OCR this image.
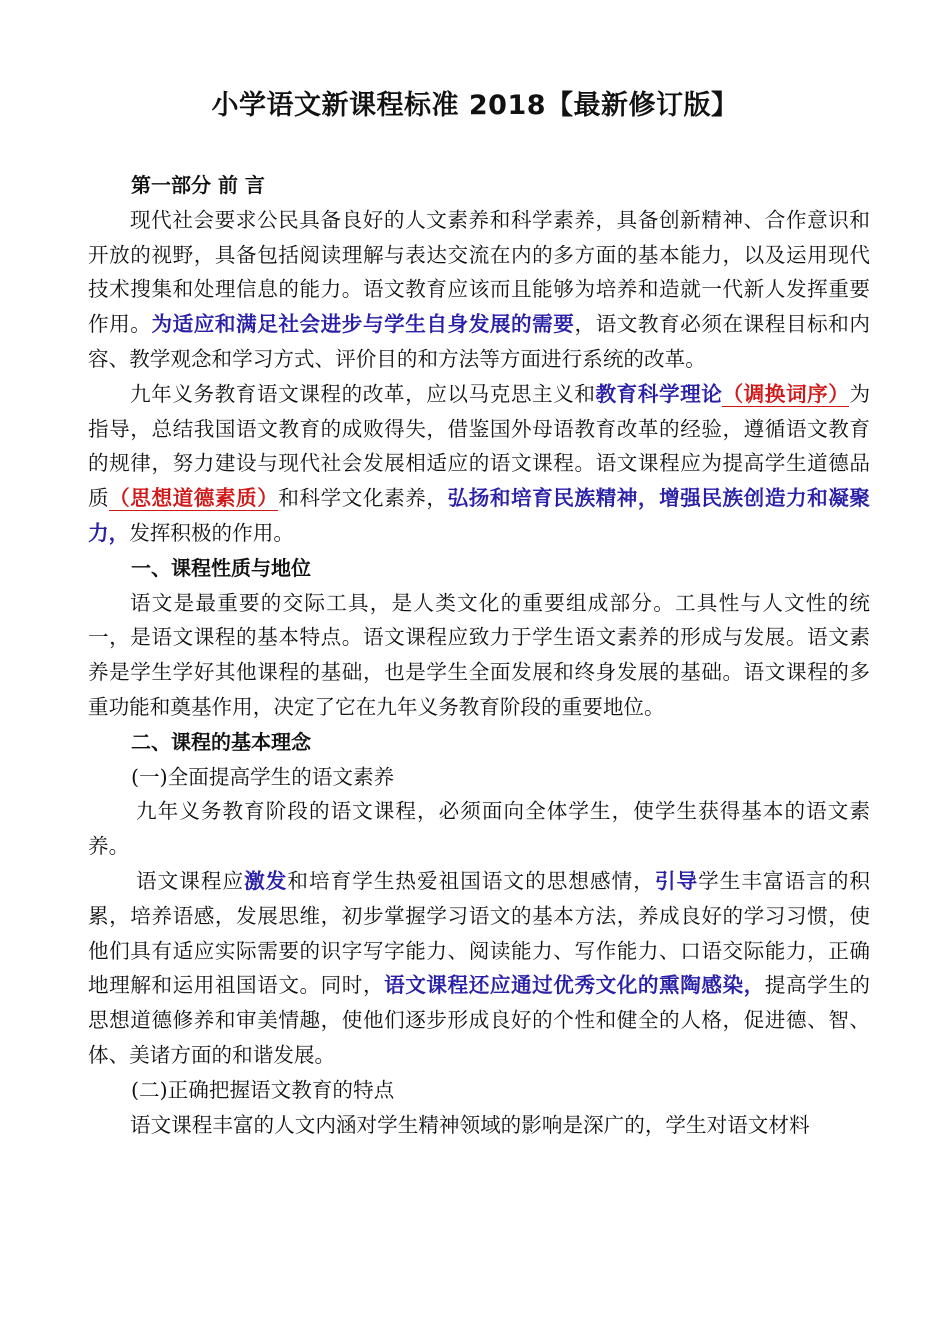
小学语文新课程标准 2018【最新修订版】

第一部分 前 言

现代社会要求公民具备良好的人文素养和科学素养，具备创新精神、合作意识和开放的视野，具备包括阅读理解与表达交流在内的多方面的基本能力，以及运用现代技术搜集和处理信息的能力。语文教育应该而且能够为培养和造就一代新人发挥重要作用。为适应和满足社会进步与学生自身发展的需要，语文教育必须在课程目标和内容、教学观念和学习方式、评价目的和方法等方面进行系统的改革。

九年义务教育语文课程的改革，应以马克思主义和教育科学理论（调换词序）为指导，总结我国语文教育的成败得失，借鉴国外母语教育改革的经验，遵循语文教育的规律，努力建设与现代社会发展相适应的语文课程。语文课程应为提高学生道德品质（思想道德素质）和科学文化素养，弘扬和培育民族精神，增强民族创造力和凝聚力，发挥积极的作用。

一、课程性质与地位

语文是最重要的交际工具，是人类文化的重要组成部分。工具性与人文性的统一，是语文课程的基本特点。语文课程应致力于学生语文素养的形成与发展。语文素养是学生学好其他课程的基础，也是学生全面发展和终身发展的基础。语文课程的多重功能和奠基作用，决定了它在九年义务教育阶段的重要地位。

二、课程的基本理念

(一)全面提高学生的语文素养

九年义务教育阶段的语文课程，必须面向全体学生，使学生获得基本的语文素养。

语文课程应激发和培育学生热爱祖国语文的思想感情，引导学生丰富语言的积累，培养语感，发展思维，初步掌握学习语文的基本方法，养成良好的学习习惯，使他们具有适应实际需要的识字写字能力、阅读能力、写作能力、口语交际能力，正确地理解和运用祖国语文。同时，语文课程还应通过优秀文化的熏陶感染，提高学生的思想道德修养和审美情趣，使他们逐步形成良好的个性和健全的人格，促进德、智、体、美诸方面的和谐发展。

(二)正确把握语文教育的特点

语文课程丰富的人文内涵对学生精神领域的影响是深广的，学生对语文材料
